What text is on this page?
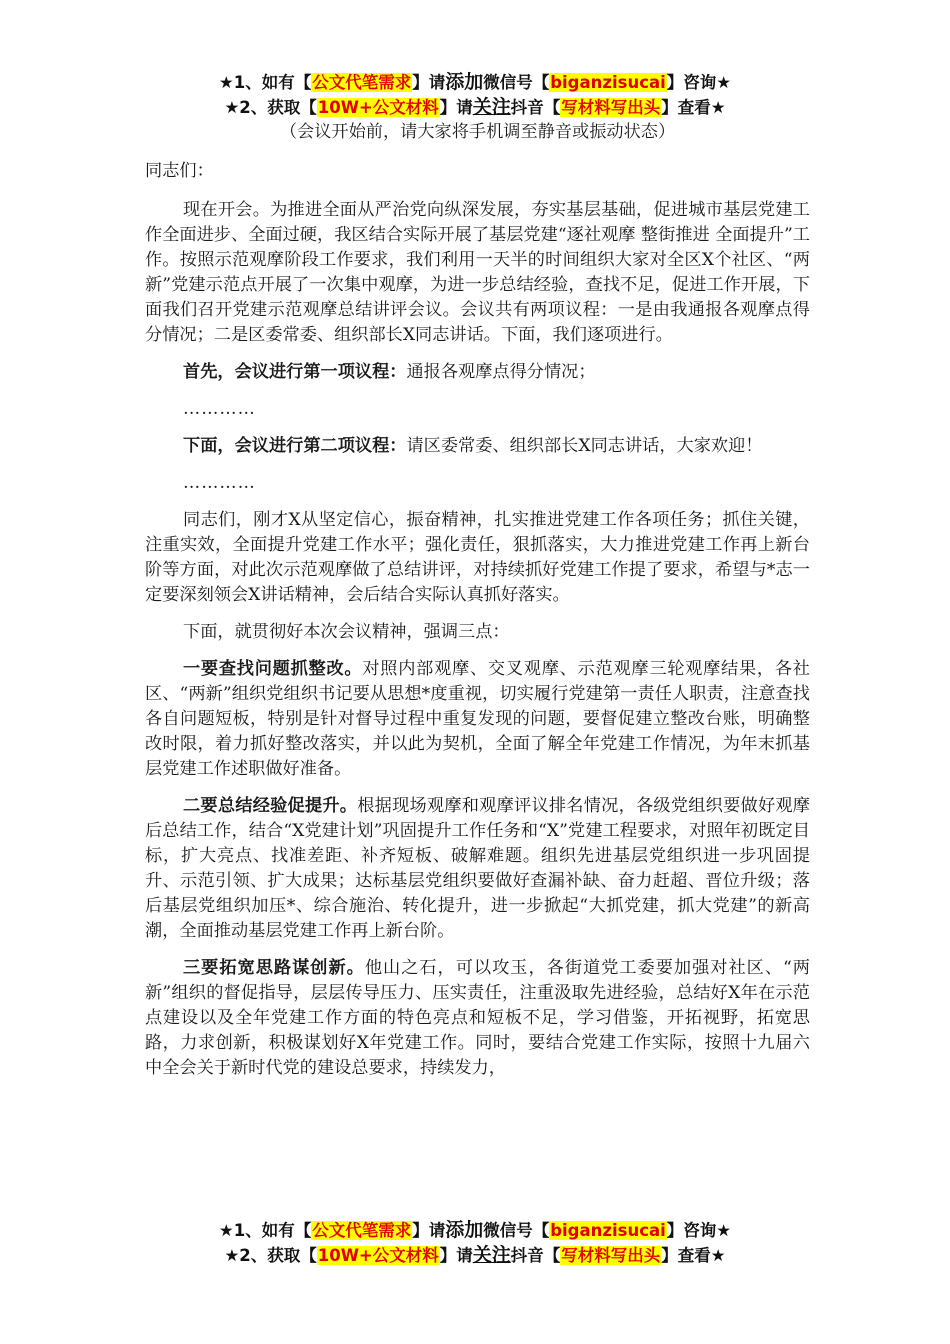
★1、如有【公文代笔需求】请添加微信号【biganzisucai】咨询★
★2、获取【10W+公文材料】请关注抖音【写材料写出头】查看★

（会议开始前，请大家将手机调至静音或振动状态）

同志们：

现在开会。为推进全面从严治党向纵深发展，夯实基层基础，促进城市基层党建工作全面进步、全面过硬，我区结合实际开展了基层党建“逐社观摩 整街推进 全面提升”工作。按照示范观摩阶段工作要求，我们利用一天半的时间组织大家对全区X个社区、“两新”党建示范点开展了一次集中观摩，为进一步总结经验，查找不足，促进工作开展，下面我们召开党建示范观摩总结讲评会议。会议共有两项议程：一是由我通报各观摩点得分情况；二是区委常委、组织部长X同志讲话。下面，我们逐项进行。

首先，会议进行第一项议程：通报各观摩点得分情况；

…………

下面，会议进行第二项议程：请区委常委、组织部长X同志讲话，大家欢迎！

…………

同志们，刚才X从坚定信心，振奋精神，扎实推进党建工作各项任务；抓住关键，注重实效，全面提升党建工作水平；强化责任，狠抓落实，大力推进党建工作再上新台阶等方面，对此次示范观摩做了总结讲评，对持续抓好党建工作提了要求，希望与*志一定要深刻领会X讲话精神，会后结合实际认真抓好落实。

下面，就贯彻好本次会议精神，强调三点：

一要查找问题抓整改。对照内部观摩、交叉观摩、示范观摩三轮观摩结果，各社区、“两新”组织党组织书记要从思想*度重视，切实履行党建第一责任人职责，注意查找各自问题短板，特别是针对督导过程中重复发现的问题，要督促建立整改台账，明确整改时限，着力抓好整改落实，并以此为契机，全面了解全年党建工作情况，为年末抓基层党建工作述职做好准备。

二要总结经验促提升。根据现场观摩和观摩评议排名情况，各级党组织要做好观摩后总结工作，结合“X党建计划”巩固提升工作任务和“X”党建工程要求，对照年初既定目标，扩大亮点、找准差距、补齐短板、破解难题。组织先进基层党组织进一步巩固提升、示范引领、扩大成果；达标基层党组织要做好查漏补缺、奋力赶超、晋位升级；落后基层党组织加压*、综合施治、转化提升，进一步掀起“大抓党建，抓大党建”的新高潮，全面推动基层党建工作再上新台阶。

三要拓宽思路谋创新。他山之石，可以攻玉，各街道党工委要加强对社区、“两新”组织的督促指导，层层传导压力、压实责任，注重汲取先进经验，总结好X年在示范点建设以及全年党建工作方面的特色亮点和短板不足，学习借鉴，开拓视野，拓宽思路，力求创新，积极谋划好X年党建工作。同时，要结合党建工作实际，按照十九届六中全会关于新时代党的建设总要求，持续发力，

★1、如有【公文代笔需求】请添加微信号【biganzisucai】咨询★
★2、获取【10W+公文材料】请关注抖音【写材料写出头】查看★
